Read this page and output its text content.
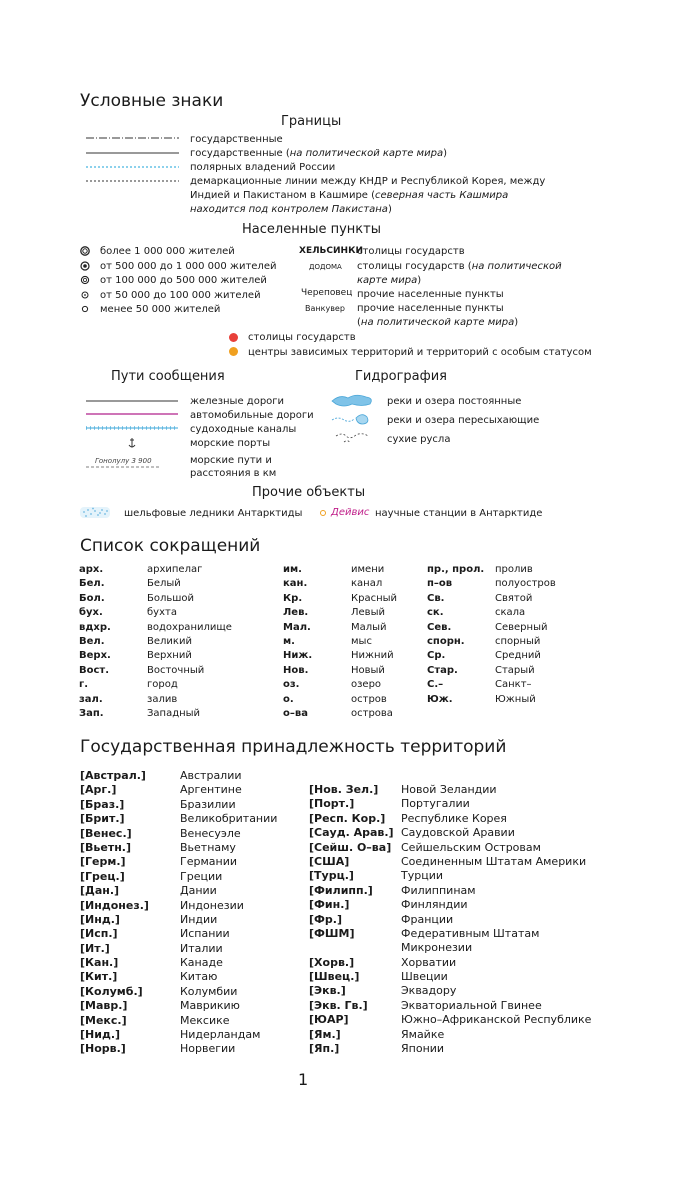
Условные знаки
Границы
государственные
государственные (на политической карте мира)
полярных владений России
демаркационные линии между КНДР и Республикой Корея, между
Индией и Пакистаном в Кашмире (северная часть Кашмира
находится под контролем Пакистана)
Населенные пункты
более 1 000 000 жителей
от 500 000 до 1 000 000 жителей
от 100 000 до 500 000 жителей
от 50 000 до 100 000 жителей
менее 50 000 жителей
ХЕЛЬСИНКИ
столицы государств
ДОДОМА столицы государств (на политической
карте мира)
Череповец прочие населенные пункты
Ванкувер прочие населенные пункты
(на политической карте мира)
столицы государств
центры зависимых территорий и территорий с особым статусом
Пути сообщения
Гонолулу 3 900
железные дороги
автомобильные дороги
судоходные каналы
морские порты
морские пути и
расстояния в км
Гидрография
реки и озера постоянные
реки и озера пересыхающие
сухие русла
Прочие объекты
шельфовые ледники Антарктиды	Дейвис научные станции в Антарктиде
Список сокращений
арх.	архипелаг	им.	имени	пр., прол.	пролив
Бел.	Белый	кан.	канал	п–ов	полуостров
Бол.	Большой	Кр.	Красный	Св.	Святой
бух.	бухта	Лев.	Левый	ск.	скала
вдхр.	водохранилище	Мал.	Малый	Сев.	Северный
Вел.	Великий	м.	мыс	спорн.	спорный
Верх.	Верхний	Ниж.	Нижний	Ср.	Средний
Вост.	Восточный	Нов.	Новый	Стар.	Старый
г.	город	оз.	озеро	С.–	Санкт–
зал.	залив	о.	остров	Юж.	Южный
Зап.	Западный	о–ва	острова
Государственная принадлежность территорий
[Австрал.]	Австралии
[Арг.]	Аргентине
[Браз.]	Бразилии
[Брит.]	Великобритании
[Венес.]	Венесуэле
[Вьетн.]	Вьетнаму
[Герм.]	Германии
[Грец.]	Греции
[Дан.]	Дании
[Индонез.]	Индонезии
[Инд.]	Индии
[Исп.]	Испании
[Ит.]	Италии
[Кан.]	Канаде
[Кит.]	Китаю
[Колумб.]	Колумбии
[Мавр.]	Маврикию
[Мекс.]	Мексике
[Нид.]	Нидерландам
[Норв.]	Норвегии
[Нов. Зел.]	Новой Зеландии
[Порт.]	Португалии
[Респ. Кор.]	Республике Корея
[Сауд. Арав.] Саудовской Аравии
[Сейш. О–ва] Сейшельским Островам
[США]	Соединенным Штатам Америки
[Турц.]	Турции
[Филипп.]	Филиппинам
[Фин.]	Финляндии
[Фр.]	Франции
[ФШМ]	Федеративным Штатам
Микронезии
[Хорв.]	Хорватии
[Швец.]	Швеции
[Экв.]	Эквадору
[Экв. Гв.]	Экваториальной Гвинее
[ЮАР]	Южно–Африканской Республике
[Ям.]	Ямайке
[Яп.]	Японии
1
